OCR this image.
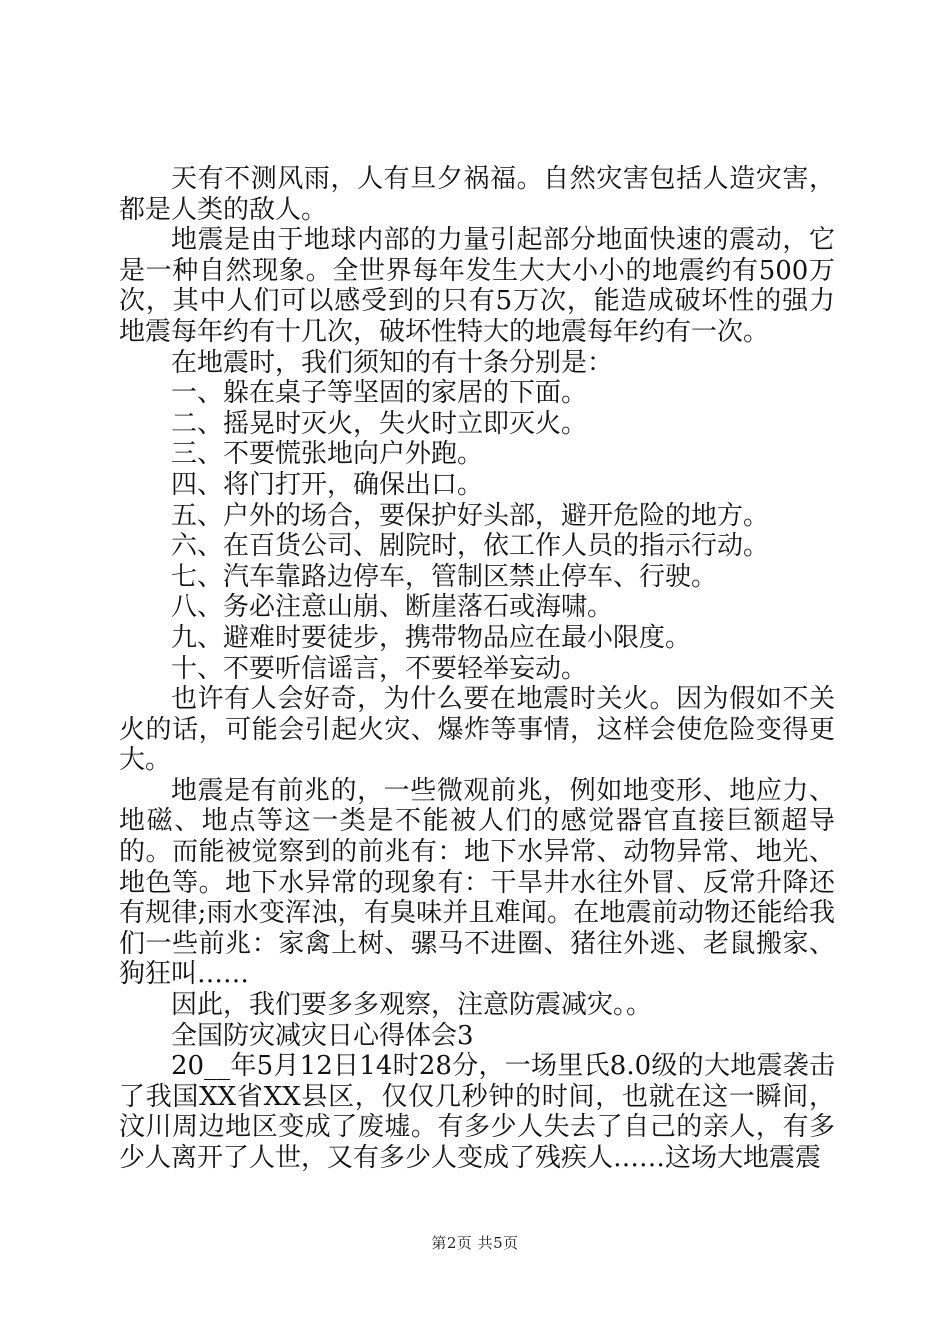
天有不测风雨，人有旦夕祸福。自然灾害包括人造灾害，都是人类的敌人。

地震是由于地球内部的力量引起部分地面快速的震动，它是一种自然现象。全世界每年发生大大小小的地震约有500万次，其中人们可以感受到的只有5万次，能造成破坏性的强力地震每年约有十几次，破坏性特大的地震每年约有一次。

在地震时，我们须知的有十条分别是：

一、躲在桌子等坚固的家居的下面。

二、摇晃时灭火，失火时立即灭火。

三、不要慌张地向户外跑。

四、将门打开，确保出口。

五、户外的场合，要保护好头部，避开危险的地方。

六、在百货公司、剧院时，依工作人员的指示行动。

七、汽车靠路边停车，管制区禁止停车、行驶。

八、务必注意山崩、断崖落石或海啸。

九、避难时要徒步，携带物品应在最小限度。

十、不要听信谣言，不要轻举妄动。

也许有人会好奇，为什么要在地震时关火。因为假如不关火的话，可能会引起火灾、爆炸等事情，这样会使危险变得更大。

地震是有前兆的，一些微观前兆，例如地变形、地应力、地磁、地点等这一类是不能被人们的感觉器官直接巨额超导的。而能被觉察到的前兆有：地下水异常、动物异常、地光、地色等。地下水异常的现象有：干旱井水往外冒、反常升降还有规律;雨水变浑浊，有臭味并且难闻。在地震前动物还能给我们一些前兆：家禽上树、骡马不进圈、猪往外逃、老鼠搬家、狗狂叫……

因此，我们要多多观察，注意防震减灾。。

全国防灾减灾日心得体会3

20__年5月12日14时28分，一场里氏8.0级的大地震袭击了我国XX省XX县区，仅仅几秒钟的时间，也就在这一瞬间，汶川周边地区变成了废墟。有多少人失去了自己的亲人，有多少人离开了人世，又有多少人变成了残疾人……这场大地震震

第2页 共5页
